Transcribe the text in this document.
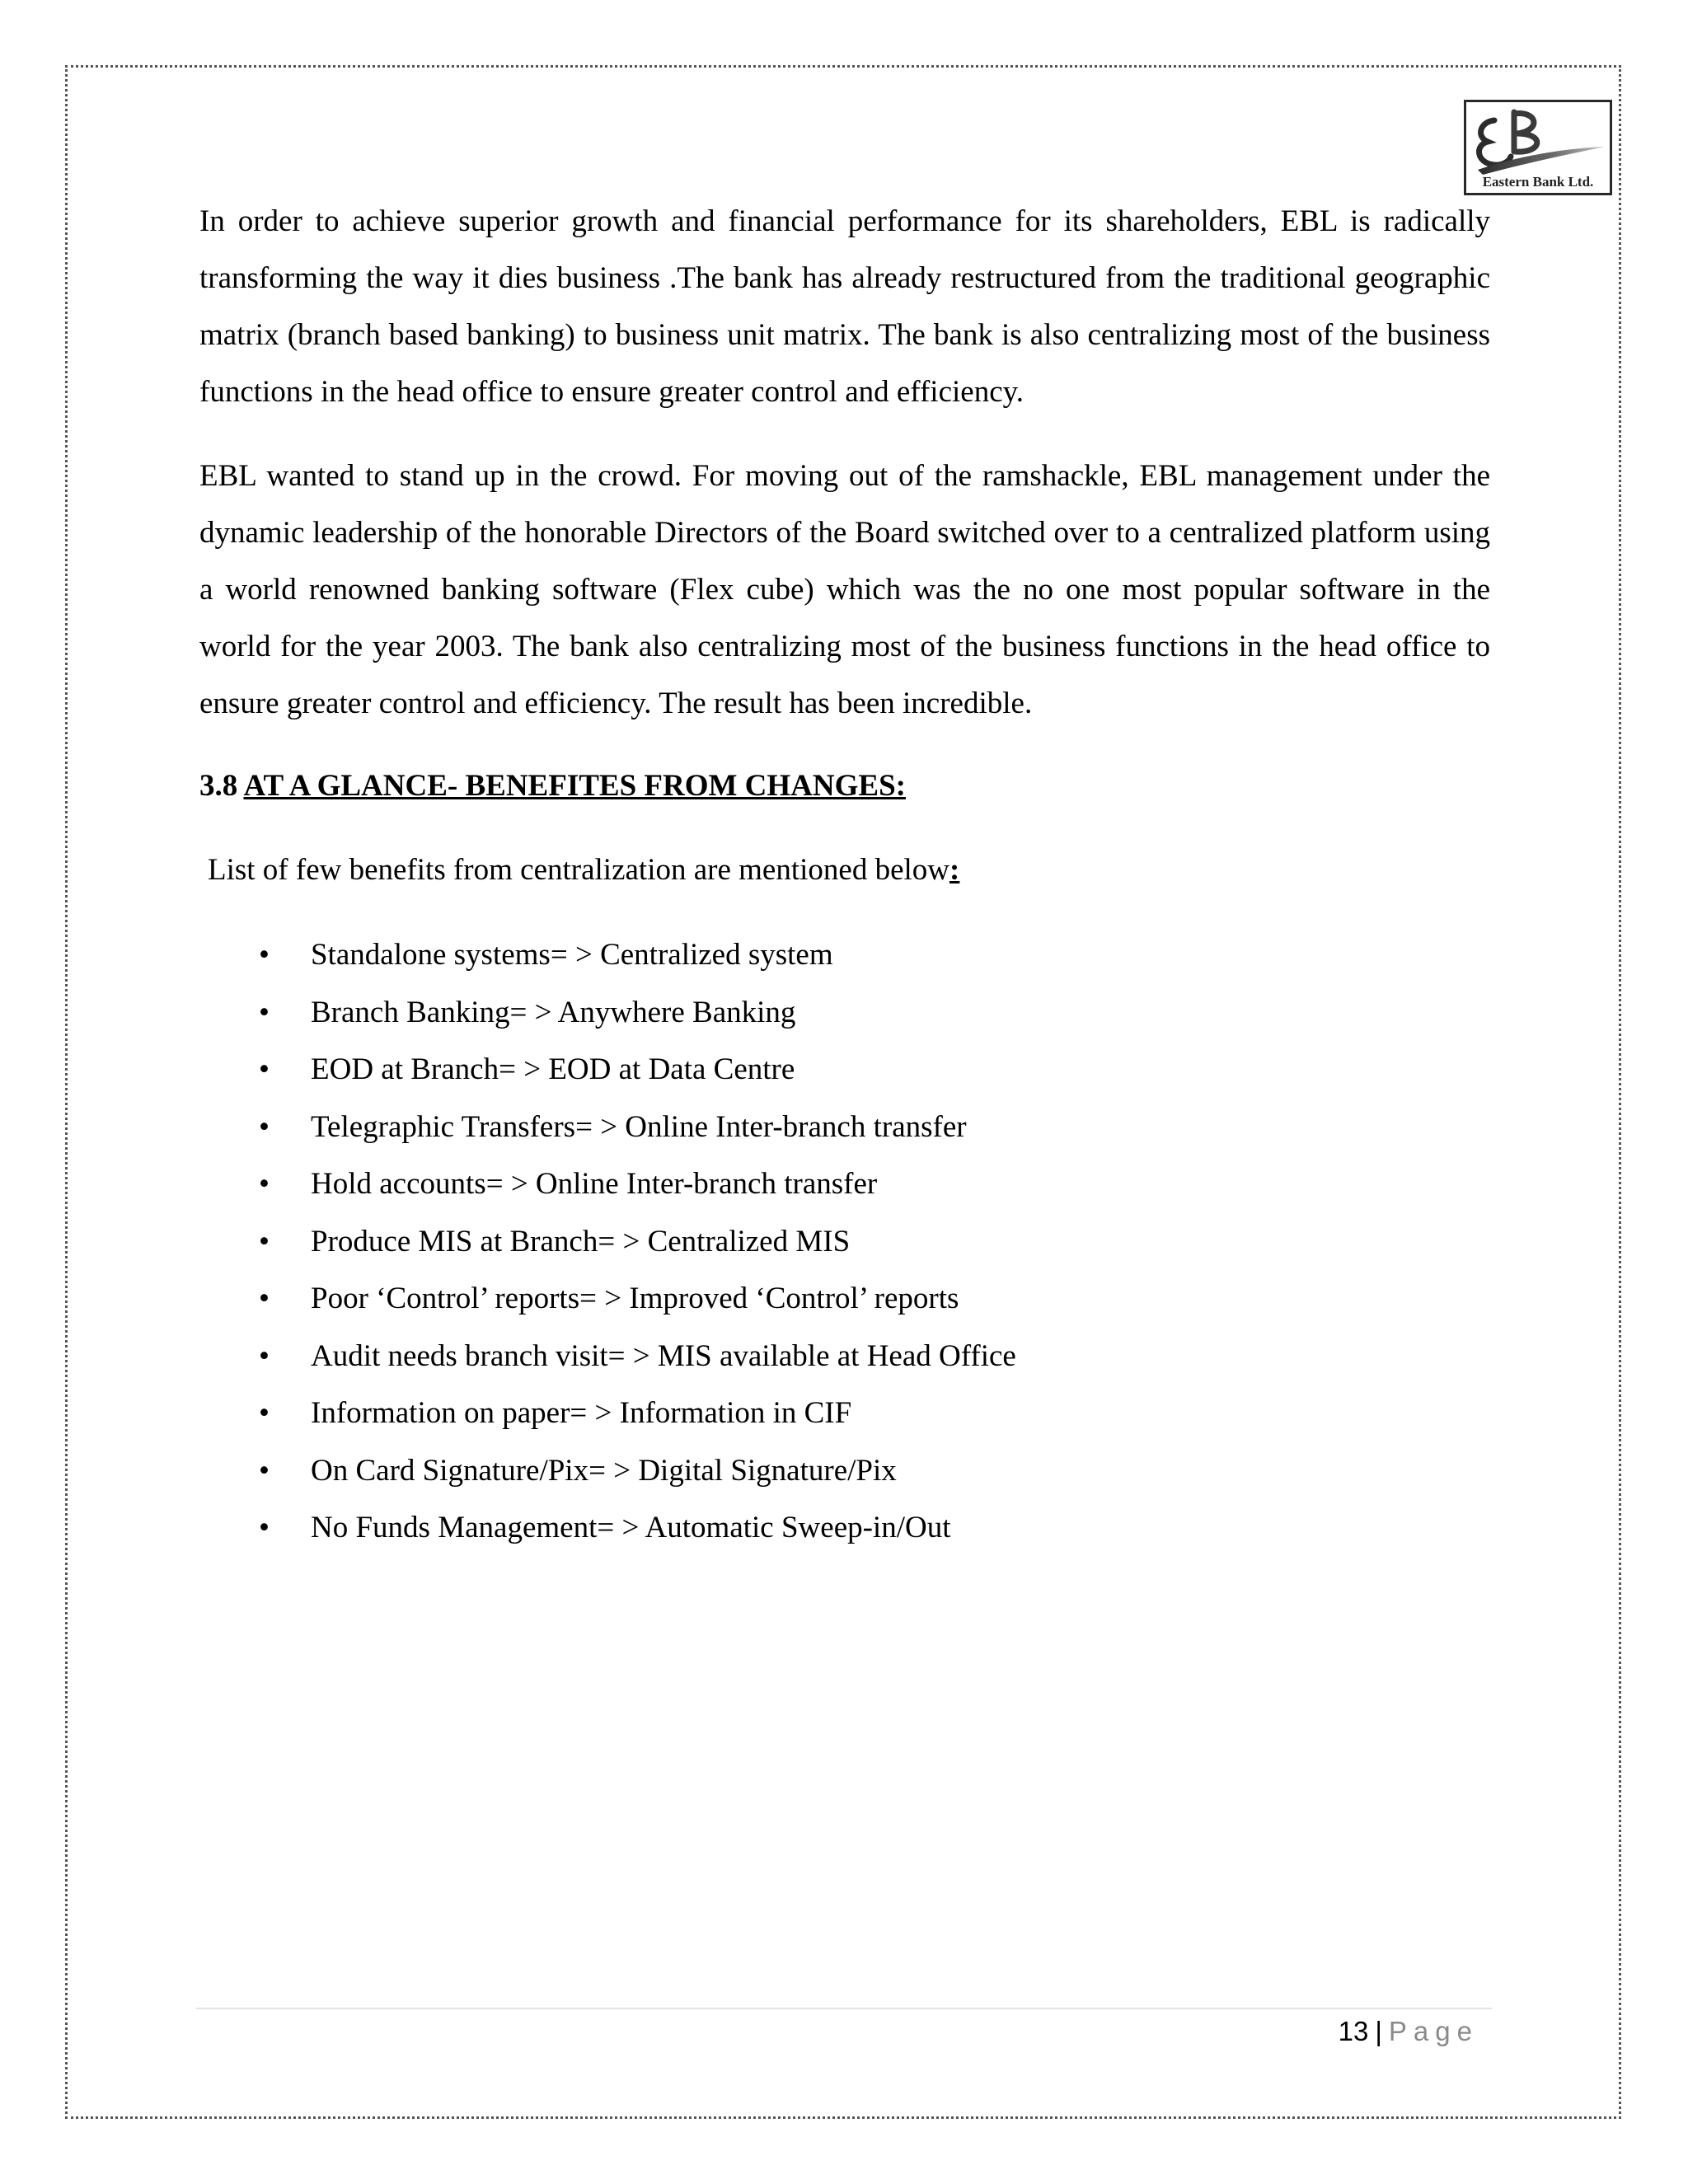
Eastern Bank Ltd.

In order to achieve superior growth and financial performance for its shareholders, EBL is radically transforming the way it dies business .The bank has already restructured from the traditional geographic matrix (branch based banking) to business unit matrix. The bank is also centralizing most of the business functions in the head office to ensure greater control and efficiency.

EBL wanted to stand up in the crowd. For moving out of the ramshackle, EBL management under the dynamic leadership of the honorable Directors of the Board switched over to a centralized platform using a world renowned banking software (Flex cube) which was the no one most popular software in the world for the year 2003. The bank also centralizing most of the business functions in the head office to ensure greater control and efficiency. The result has been incredible.

3.8 AT A GLANCE- BENEFITES FROM CHANGES:

List of few benefits from centralization are mentioned below:

• Standalone systems= > Centralized system
• Branch Banking= > Anywhere Banking
• EOD at Branch= > EOD at Data Centre
• Telegraphic Transfers= > Online Inter-branch transfer
• Hold accounts= > Online Inter-branch transfer
• Produce MIS at Branch= > Centralized MIS
• Poor ‘Control’ reports= > Improved ‘Control’ reports
• Audit needs branch visit= > MIS available at Head Office
• Information on paper= > Information in CIF
• On Card Signature/Pix= > Digital Signature/Pix
• No Funds Management= > Automatic Sweep-in/Out
13 | Page
